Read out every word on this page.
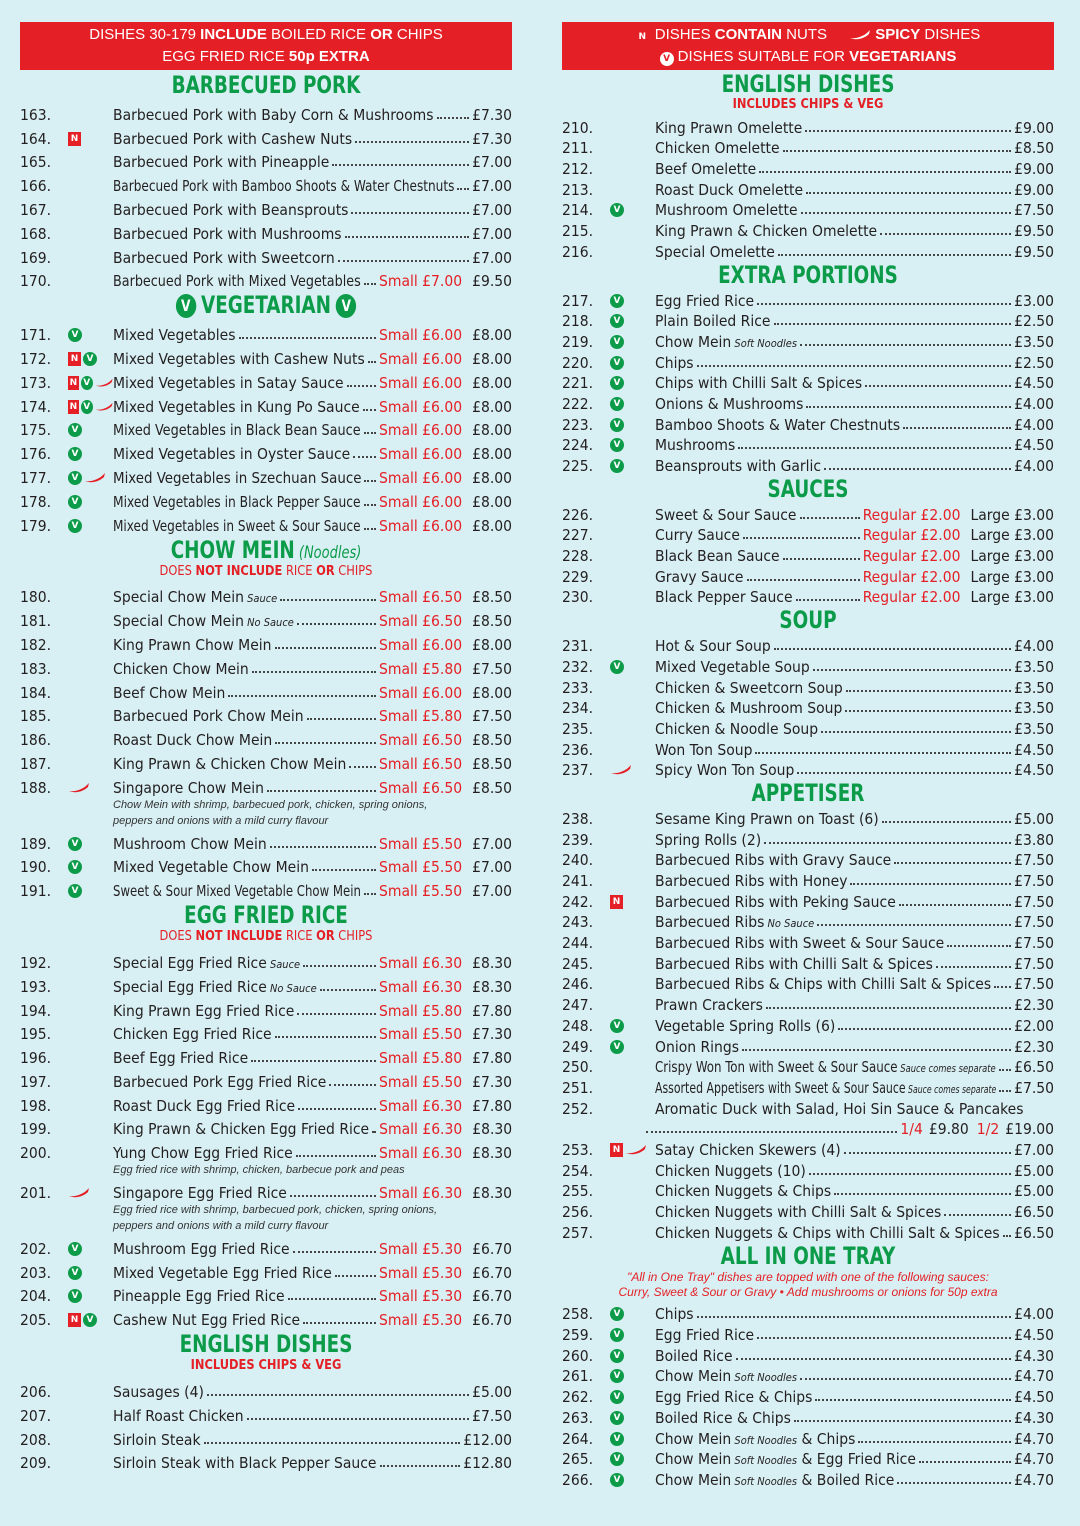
DISHES 30-179 INCLUDE BOILED RICE OR CHIPS
EGG FRIED RICE 50p EXTRA
BARBECUED PORK
163.	Barbecued Pork with Baby Corn & Mushrooms £7.30
164.	N Barbecued Pork with Cashew Nuts	£7.30
165.	Barbecued Pork with Pineapple	£7.00
166.	Barbecued Pork with Bamboo Shoots & Water Chestnuts £7.00
167.	Barbecued Pork with Beansprouts	£7.00
168.	Barbecued Pork with Mushrooms	£7.00
169.	Barbecued Pork with Sweetcorn	£7.00
170.	Barbecued Pork with Mixed Vegetables Small £7.00 £9.50
V VEGETARIAN V
171.	V Mixed Vegetables	Small £6.00 £8.00
172.	N V Mixed Vegetables with Cashew Nuts Small £6.00 £8.00
173.	N V Mixed Vegetables in Satay Sauce Small £6.00 £8.00
174.	N V Mixed Vegetables in Kung Po Sauce Small £6.00 £8.00
175.	V Mixed Vegetables in Black Bean Sauce Small £6.00 £8.00
176.	V Mixed Vegetables in Oyster Sauce Small £6.00 £8.00
177.	V Mixed Vegetables in Szechuan Sauce Small £6.00 £8.00
178.	V Mixed Vegetables in Black Pepper Sauce Small £6.00 £8.00
179.	V Mixed Vegetables in Sweet & Sour Sauce Small £6.00 £8.00
CHOW MEIN (Noodles)
DOES NOT INCLUDE RICE OR CHIPS
180.	Special Chow Mein Sauce	Small £6.50 £8.50
181.	Special Chow Mein No Sauce	Small £6.50 £8.50
182.	King Prawn Chow Mein	Small £6.00 £8.00
183.	Chicken Chow Mein	Small £5.80 £7.50
184.	Beef Chow Mein	Small £6.00 £8.00
185.	Barbecued Pork Chow Mein	Small £5.80 £7.50
186.	Roast Duck Chow Mein	Small £6.50 £8.50
187.	King Prawn & Chicken Chow Mein Small £6.50 £8.50
188.	Singapore Chow Mein	Small £6.50 £8.50
Chow Mein with shrimp, barbecued pork, chicken, spring onions,
peppers and onions with a mild curry flavour
189.	V Mushroom Chow Mein	Small £5.50 £7.00
190.	V Mixed Vegetable Chow Mein	Small £5.50 £7.00
191.	V Sweet & Sour Mixed Vegetable Chow Mein Small £5.50 £7.00
EGG FRIED RICE
DOES NOT INCLUDE RICE OR CHIPS
192.	Special Egg Fried Rice Sauce	Small £6.30 £8.30
193.	Special Egg Fried Rice No Sauce	Small £6.30 £8.30
194.	King Prawn Egg Fried Rice	Small £5.80 £7.80
195.	Chicken Egg Fried Rice	Small £5.50 £7.30
196.	Beef Egg Fried Rice	Small £5.80 £7.80
197.	Barbecued Pork Egg Fried Rice	Small £5.50 £7.30
198.	Roast Duck Egg Fried Rice	Small £6.30 £7.80
199.	King Prawn & Chicken Egg Fried Rice Small £6.30 £8.30
200.	Yung Chow Egg Fried Rice	Small £6.30 £8.30
Egg fried rice with shrimp, chicken, barbecue pork and peas
201.	Singapore Egg Fried Rice	Small £6.30 £8.30
Egg fried rice with shrimp, barbecued pork, chicken, spring onions,
peppers and onions with a mild curry flavour
202.	V Mushroom Egg Fried Rice	Small £5.30 £6.70
203.	V Mixed Vegetable Egg Fried Rice	Small £5.30 £6.70
204.	V Pineapple Egg Fried Rice	Small £5.30 £6.70
205.	N V Cashew Nut Egg Fried Rice	Small £5.30 £6.70
ENGLISH DISHES
INCLUDES CHIPS & VEG
206.	Sausages (4)	£5.00
207.	Half Roast Chicken	£7.50
208.	Sirloin Steak	£12.00
209.	Sirloin Steak with Black Pepper Sauce	£12.80
N DISHES CONTAIN NUTS	SPICY DISHES
V DISHES SUITABLE FOR VEGETARIANS
ENGLISH DISHES
INCLUDES CHIPS & VEG
210.	King Prawn Omelette	£9.00
211.	Chicken Omelette	£8.50
212.	Beef Omelette	£9.00
213.	Roast Duck Omelette	£9.00
214.	V Mushroom Omelette	£7.50
215.	King Prawn & Chicken Omelette	£9.50
216.	Special Omelette	£9.50
EXTRA PORTIONS
217.	V Egg Fried Rice	£3.00
218.	V Plain Boiled Rice	£2.50
219.	V Chow Mein Soft Noodles	£3.50
220.	V Chips	£2.50
221.	V Chips with Chilli Salt & Spices	£4.50
222.	V Onions & Mushrooms	£4.00
223.	V Bamboo Shoots & Water Chestnuts	£4.00
224.	V Mushrooms	£4.50
225.	V Beansprouts with Garlic	£4.00
SAUCES
226.	Sweet & Sour Sauce	Regular £2.00 Large £3.00
227.	Curry Sauce	Regular £2.00 Large £3.00
228.	Black Bean Sauce	Regular £2.00 Large £3.00
229.	Gravy Sauce	Regular £2.00 Large £3.00
230.	Black Pepper Sauce	Regular £2.00 Large £3.00
SOUP
231.	Hot & Sour Soup	£4.00
232.	V Mixed Vegetable Soup	£3.50
233.	Chicken & Sweetcorn Soup	£3.50
234.	Chicken & Mushroom Soup	£3.50
235.	Chicken & Noodle Soup	£3.50
236.	Won Ton Soup	£4.50
237.	Spicy Won Ton Soup	£4.50
APPETISER
238.	Sesame King Prawn on Toast (6)	£5.00
239.	Spring Rolls (2)	£3.80
240.	Barbecued Ribs with Gravy Sauce	£7.50
241.	Barbecued Ribs with Honey	£7.50
242.	N Barbecued Ribs with Peking Sauce	£7.50
243.	Barbecued Ribs No Sauce	£7.50
244.	Barbecued Ribs with Sweet & Sour Sauce	£7.50
245.	Barbecued Ribs with Chilli Salt & Spices	£7.50
246.	Barbecued Ribs & Chips with Chilli Salt & Spices £7.50
247.	Prawn Crackers	£2.30
248.	V Vegetable Spring Rolls (6)	£2.00
249.	V Onion Rings	£2.30
250.	Crispy Won Ton with Sweet & Sour Sauce Sauce comes separate £6.50
251.	Assorted Appetisers with Sweet & Sour Sauce Sauce comes separate £7.50
252.	Aromatic Duck with Salad, Hoi Sin Sauce & Pancakes
1/4 £9.80 1/2 £19.00
253.	N Satay Chicken Skewers (4)	£7.00
254.	Chicken Nuggets (10)	£5.00
255.	Chicken Nuggets & Chips	£5.00
256.	Chicken Nuggets with Chilli Salt & Spices	£6.50
257.	Chicken Nuggets & Chips with Chilli Salt & Spices £6.50
ALL IN ONE TRAY
"All in One Tray" dishes are topped with one of the following sauces:
Curry, Sweet & Sour or Gravy • Add mushrooms or onions for 50p extra
258.	V Chips	£4.00
259.	V Egg Fried Rice	£4.50
260.	V Boiled Rice	£4.30
261.	V Chow Mein Soft Noodles	£4.70
262.	V Egg Fried Rice & Chips	£4.50
263.	V Boiled Rice & Chips	£4.30
264.	V Chow Mein Soft Noodles & Chips	£4.70
265.	V Chow Mein Soft Noodles & Egg Fried Rice	£4.70
266.	V Chow Mein Soft Noodles & Boiled Rice	£4.70
